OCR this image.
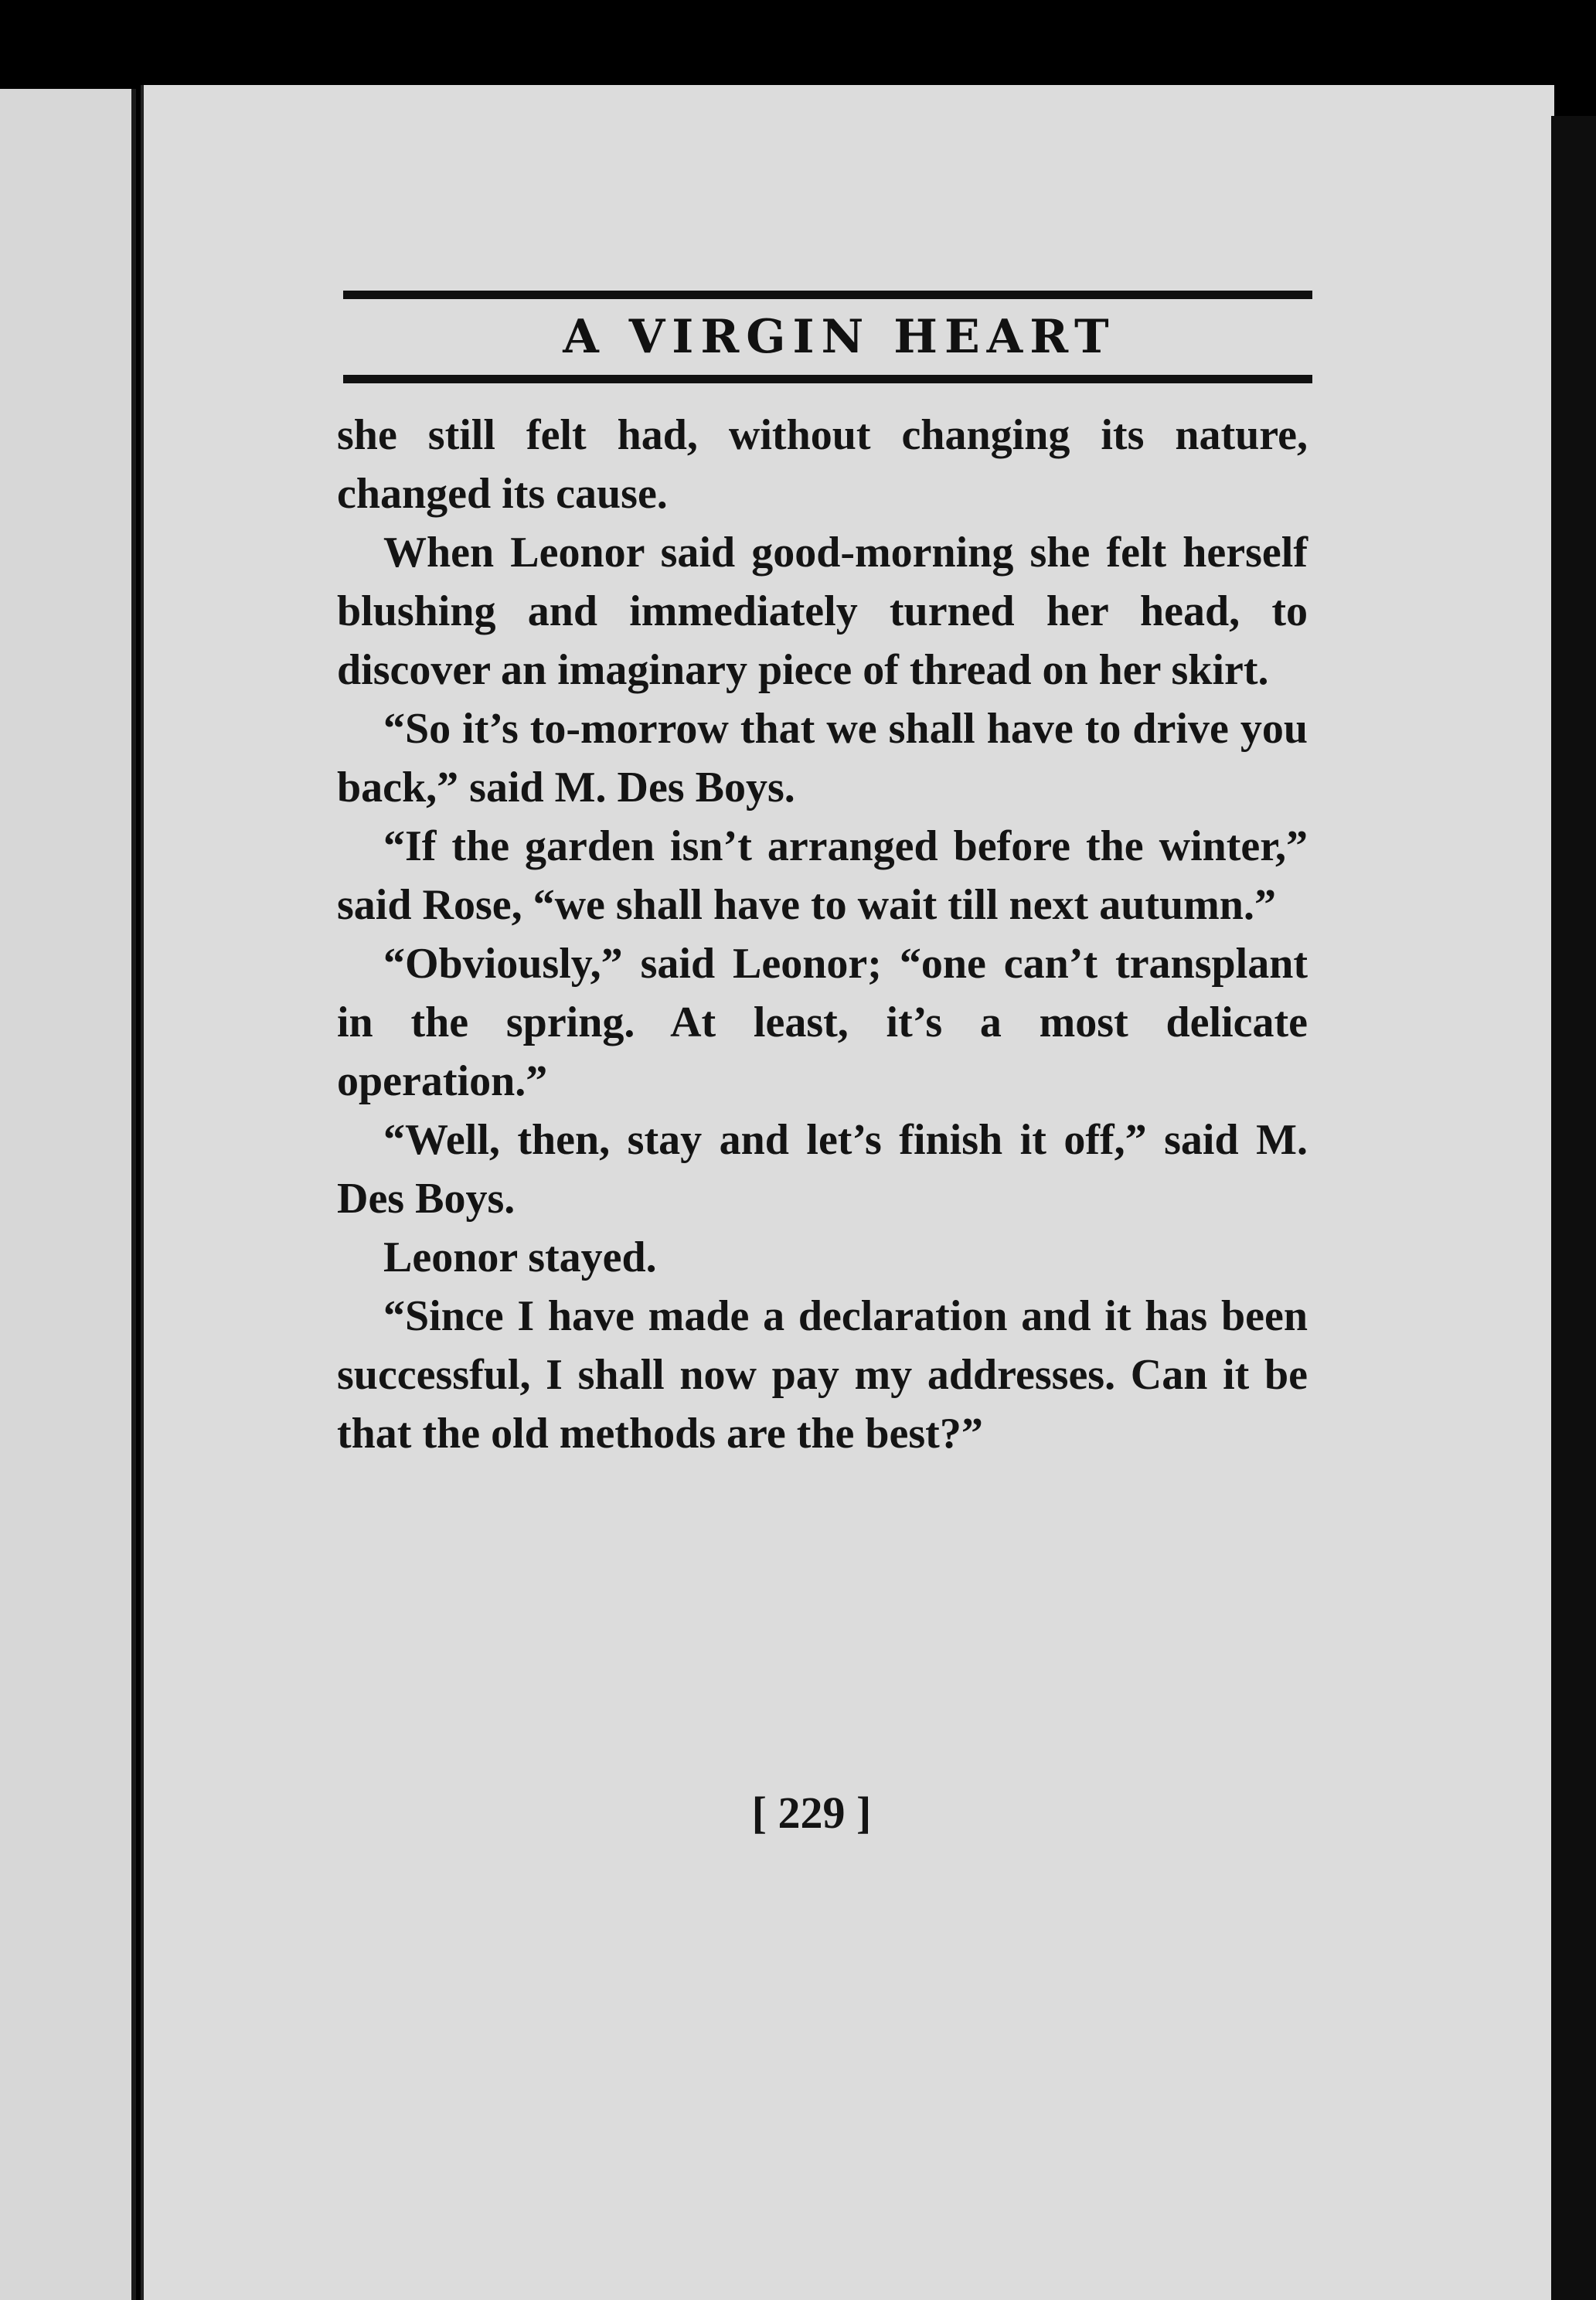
A VIRGIN HEART

she still felt had, without changing its nature, changed its cause.

When Leonor said good-morning she felt herself blushing and immediately turned her head, to discover an imaginary piece of thread on her skirt.

“So it’s to-morrow that we shall have to drive you back,” said M. Des Boys.

“If the garden isn’t arranged before the winter,” said Rose, “we shall have to wait till next autumn.”

“Obviously,” said Leonor; “one can’t transplant in the spring. At least, it’s a most delicate operation.”

“Well, then, stay and let’s finish it off,” said M. Des Boys.

Leonor stayed.

“Since I have made a declaration and it has been successful, I shall now pay my addresses. Can it be that the old methods are the best?”

[ 229 ]
